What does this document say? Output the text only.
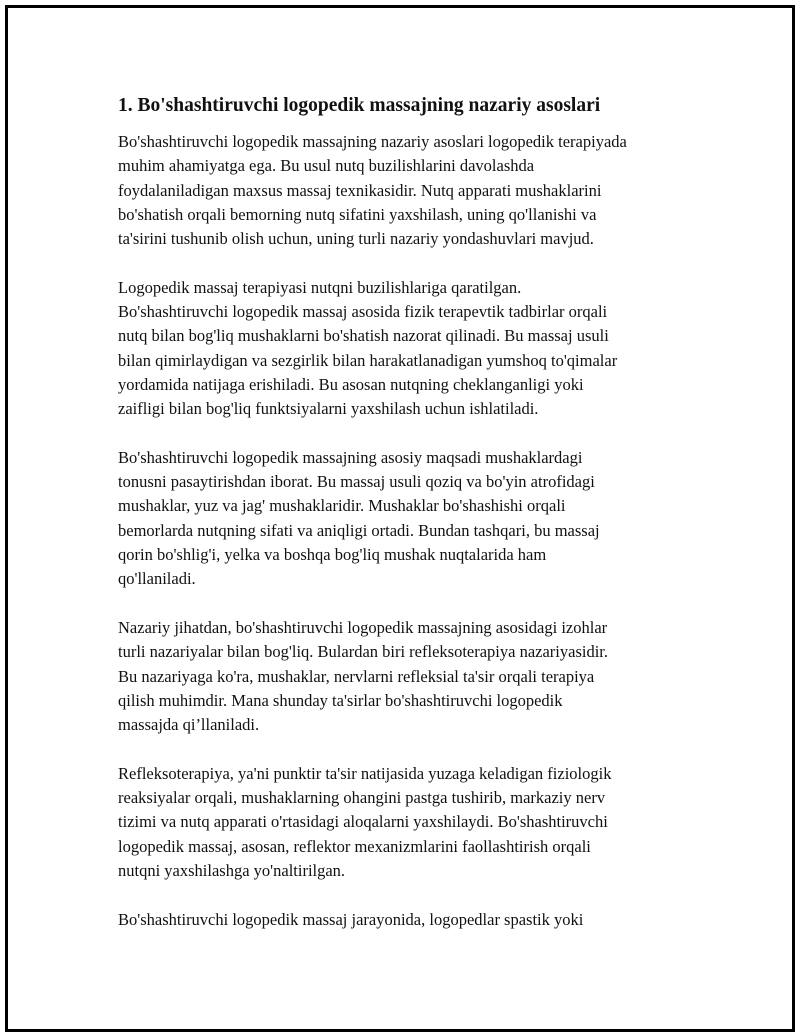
1. Bo'shashtiruvchi logopedik massajning nazariy asoslari
Bo'shashtiruvchi logopedik massajning nazariy asoslari logopedik terapiyada
muhim ahamiyatga ega. Bu usul nutq buzilishlarini davolashda
foydalaniladigan maxsus massaj texnikasidir. Nutq apparati mushaklarini
bo'shatish orqali bemorning nutq sifatini yaxshilash, uning qo'llanishi va
ta'sirini tushunib olish uchun, uning turli nazariy yondashuvlari mavjud.
Logopedik massaj terapiyasi nutqni buzilishlariga qaratilgan.
Bo'shashtiruvchi logopedik massaj asosida fizik terapevtik tadbirlar orqali
nutq bilan bog'liq mushaklarni bo'shatish nazorat qilinadi. Bu massaj usuli
bilan qimirlaydigan va sezgirlik bilan harakatlanadigan yumshoq to'qimalar
yordamida natijaga erishiladi. Bu asosan nutqning cheklanganligi yoki
zaifligi bilan bog'liq funktsiyalarni yaxshilash uchun ishlatiladi.
Bo'shashtiruvchi logopedik massajning asosiy maqsadi mushaklardagi
tonusni pasaytirishdan iborat. Bu massaj usuli qoziq va bo'yin atrofidagi
mushaklar, yuz va jag' mushaklaridir. Mushaklar bo'shashishi orqali
bemorlarda nutqning sifati va aniqligi ortadi. Bundan tashqari, bu massaj
qorin bo'shlig'i, yelka va boshqa bog'liq mushak nuqtalarida ham
qo'llaniladi.
Nazariy jihatdan, bo'shashtiruvchi logopedik massajning asosidagi izohlar
turli nazariyalar bilan bog'liq. Bulardan biri refleksoterapiya nazariyasidir.
Bu nazariyaga ko'ra, mushaklar, nervlarni refleksial ta'sir orqali terapiya
qilish muhimdir. Mana shunday ta'sirlar bo'shashtiruvchi logopedik
massajda qi’llaniladi.
Refleksoterapiya, ya'ni punktir ta'sir natijasida yuzaga keladigan fiziologik
reaksiyalar orqali, mushaklarning ohangini pastga tushirib, markaziy nerv
tizimi va nutq apparati o'rtasidagi aloqalarni yaxshilaydi. Bo'shashtiruvchi
logopedik massaj, asosan, reflektor mexanizmlarini faollashtirish orqali
nutqni yaxshilashga yo'naltirilgan.
Bo'shashtiruvchi logopedik massaj jarayonida, logopedlar spastik yoki
